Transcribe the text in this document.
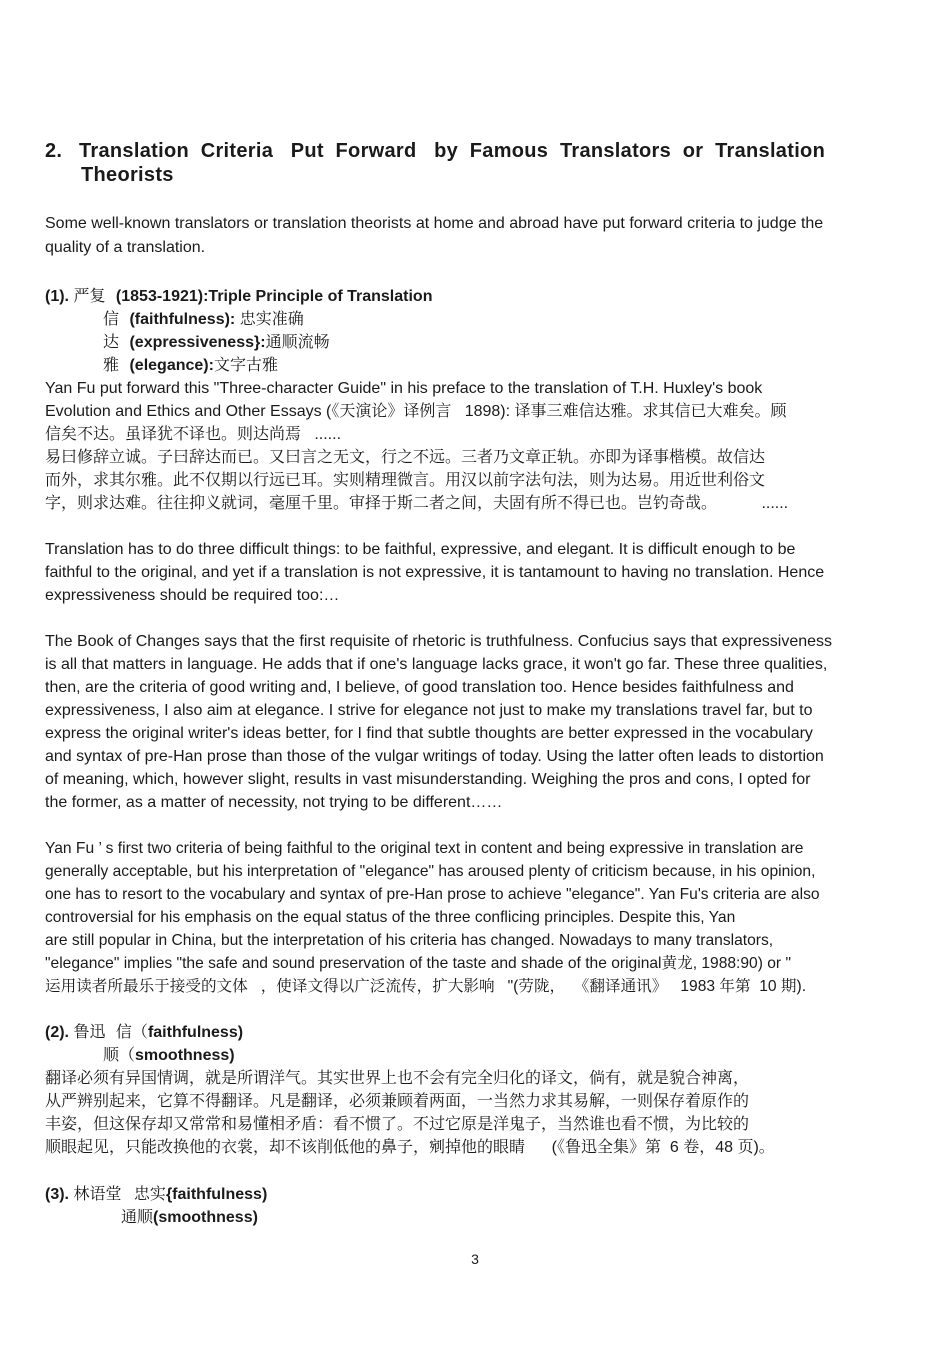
2. Translation  Criteria   Put  Forward   by  Famous  Translators  or  Translation
Theorists
Some well-known translators or translation theorists at home and abroad have put forward criteria to judge the
quality of a translation.
(1). 严复 (1853-1921):Triple Principle of Translation
信 (faithfulness): 忠实准确
达 (expressiveness}:通顺流畅
雅 (elegance):文字古雅
Yan Fu put forward this "Three-character Guide" in his preface to the translation of T.H. Huxley's book
Evolution and Ethics and Other Essays (《天演论》译例言   1898): 译事三难信达雅。求其信已大难矣。顾
信矣不达。虽译犹不译也。则达尚焉   ......
易曰修辞立诚。子曰辞达而已。又曰言之无文，行之不远。三者乃文章正轨。亦即为译事楷模。故信达
而外，求其尔雅。此不仅期以行远已耳。实则精理微言。用汉以前字法句法，则为达易。用近世利俗文
字，则求达难。往往抑义就词，毫厘千里。审择于斯二者之间，夫固有所不得已也。岂钓奇哉。          ......
Translation has to do three difficult things: to be faithful, expressive, and elegant. It is difficult enough to be
faithful to the original, and yet if a translation is not expressive, it is tantamount to having no translation. Hence
expressiveness should be required too:…
The Book of Changes says that the first requisite of rhetoric is truthfulness. Confucius says that expressiveness
is all that matters in language. He adds that if one's language lacks grace, it won't go far. These three qualities,
then, are the criteria of good writing and, I believe, of good translation too. Hence besides faithfulness and
expressiveness, I also aim at elegance. I strive for elegance not just to make my translations travel far, but to
express the original writer's ideas better, for I find that subtle thoughts are better expressed in the vocabulary
and syntax of pre-Han prose than those of the vulgar writings of today. Using the latter often leads to distortion
of meaning, which, however slight, results in vast misunderstanding. Weighing the pros and cons, I opted for
the former, as a matter of necessity, not trying to be different……
Yan Fu ’ s first two criteria of being faithful to the original text in content and being expressive in translation are
generally acceptable, but his interpretation of "elegance" has aroused plenty of criticism because, in his opinion,
one has to resort to the vocabulary and syntax of pre-Han prose to achieve "elegance". Yan Fu's criteria are also
controversial for his emphasis on the equal status of the three conflicing principles. Despite this, Yan
are still popular in China, but the interpretation of his criteria has changed. Nowadays to many translators,
"elegance" implies "the safe and sound preservation of the taste and shade of the original黄龙, 1988:90) or "
运用读者所最乐于接受的文体   ，使译文得以广泛流传，扩大影响   "(劳陇，  《翻译通讯》   1983 年第  10 期).
(2). 鲁迅 信（faithfulness)
顺（smoothness)
翻译必须有异国情调，就是所谓洋气。其实世界上也不会有完全归化的译文，倘有，就是貌合神离，
从严辨别起来，它算不得翻译。凡是翻译，必须兼顾着两面，一当然力求其易解，一则保存着原作的
丰姿，但这保存却又常常和易懂相矛盾：看不惯了。不过它原是洋鬼子，当然谁也看不惯，为比较的
顺眼起见，只能改换他的衣裳，却不该削低他的鼻子，剜掉他的眼睛      (《鲁迅全集》第  6 卷，48 页)。
(3). 林语堂 忠实{faithfulness)
通顺(smoothness)
3
